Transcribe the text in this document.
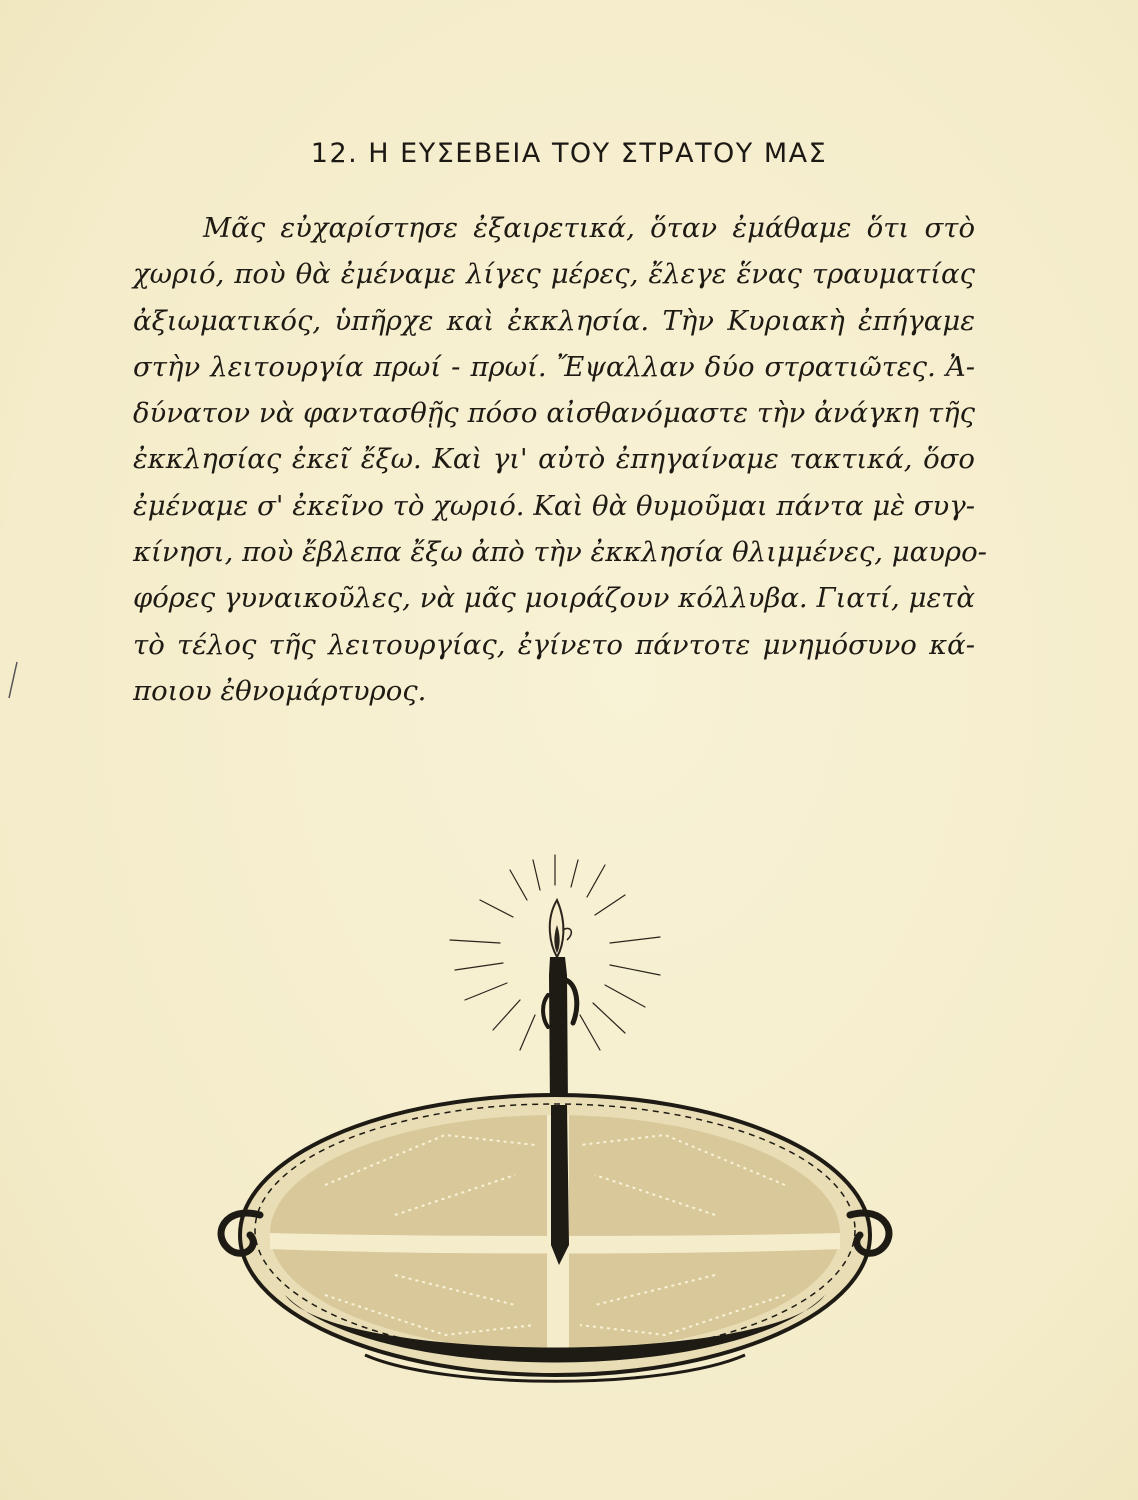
12. Η ΕΥΣΕΒΕΙΑ ΤΟΥ ΣΤΡΑΤΟΥ ΜΑΣ
Μᾶς εὐχαρίστησε ἐξαιρετικά, ὅταν ἐμάθαμε ὅτι στὸ
χωριό, ποὺ θὰ ἐμέναμε λίγες μέρες, ἔλεγε ἕνας τραυματίας
ἀξιωματικός, ὑπῆρχε καὶ ἐκκλησία. Τὴν Κυριακὴ ἐπήγαμε
στὴν λειτουργία πρωί - πρωί. Ἔψαλλαν δύο στρατιῶτες. Ἀ-
δύνατον νὰ φαντασθῇς πόσο αἰσθανόμαστε τὴν ἀνάγκη τῆς
ἐκκλησίας ἐκεῖ ἔξω. Καὶ γι' αὐτὸ ἐπηγαίναμε τακτικά, ὅσο
ἐμέναμε σ' ἐκεῖνο τὸ χωριό. Καὶ θὰ θυμοῦμαι πάντα μὲ συγ-
κίνησι, ποὺ ἔβλεπα ἔξω ἀπὸ τὴν ἐκκλησία θλιμμένες, μαυρο-
φόρες γυναικοῦλες, νὰ μᾶς μοιράζουν κόλλυβα. Γιατί, μετὰ
τὸ τέλος τῆς λειτουργίας, ἐγίνετο πάντοτε μνημόσυνο κά-
ποιου ἐθνομάρτυρος.
